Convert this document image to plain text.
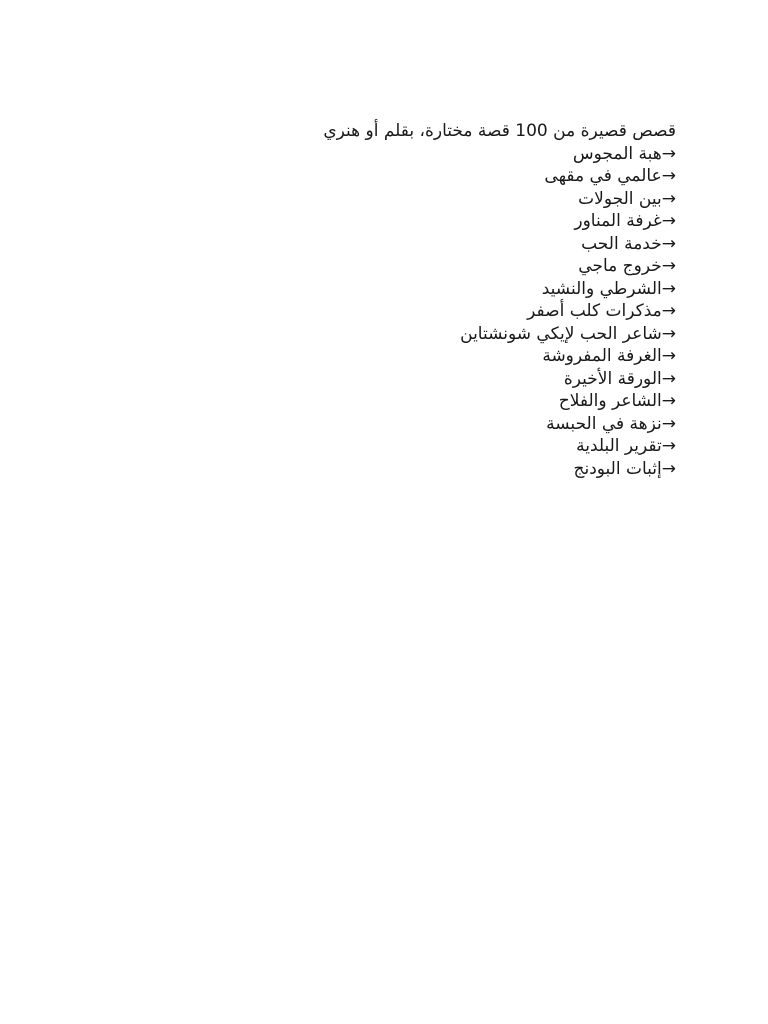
قصص قصيرة من 100 قصة مختارة، بقلم أو هنري
→هبة المجوس
→عالمي في مقهى
→بين الجولات
→غرفة المناور
→خدمة الحب
→خروج ماجي
→الشرطي والنشيد
→مذكرات كلب أصفر
→شاعر الحب لإيكي شونشتاين
→الغرفة المفروشة
→الورقة الأخيرة
→الشاعر والفلاح
→نزهة في الحبسة
→تقرير البلدية
→إثبات البودنج
